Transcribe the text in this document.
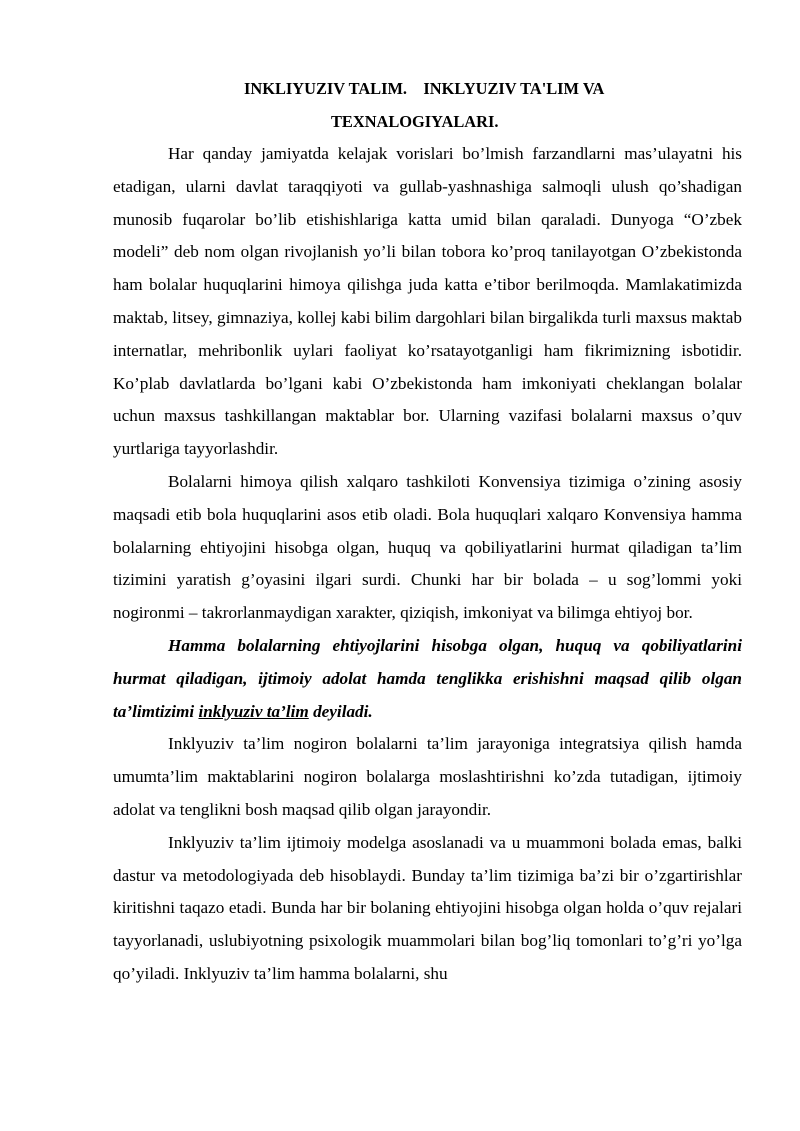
INKLIYUZIV TALIM.    INKLYUZIV TA'LIM VA
TEXNALOGIYALARI.

Har qanday jamiyatda kelajak vorislari bo’lmish farzandlarni mas’ulayatni his etadigan, ularni davlat taraqqiyoti va gullab-yashnashiga salmoqli ulush qo’shadigan munosib fuqarolar bo’lib etishishlariga katta umid bilan qaraladi. Dunyoga “O’zbek modeli” deb nom olgan rivojlanish yo’li bilan tobora ko’proq tanilayotgan O’zbekistonda ham bolalar huquqlarini himoya qilishga juda katta e’tibor berilmoqda. Mamlakatimizda maktab, litsey, gimnaziya, kollej kabi bilim dargohlari bilan birgalikda turli maxsus maktab internatlar, mehribonlik uylari faoliyat ko’rsatayotganligi ham fikrimizning isbotidir. Ko’plab davlatlarda bo’lgani kabi O’zbekistonda ham imkoniyati cheklangan bolalar uchun maxsus tashkillangan maktablar bor. Ularning vazifasi bolalarni maxsus o’quv yurtlariga tayyorlashdir.

Bolalarni himoya qilish xalqaro tashkiloti Konvensiya tizimiga o’zining asosiy maqsadi etib bola huquqlarini asos etib oladi. Bola huquqlari xalqaro Konvensiya hamma bolalarning ehtiyojini hisobga olgan, huquq va qobiliyatlarini hurmat qiladigan ta’lim tizimini yaratish g’oyasini ilgari surdi. Chunki har bir bolada – u sog’lommi yoki nogironmi – takrorlanmaydigan xarakter, qiziqish, imkoniyat va bilimga ehtiyoj bor.

Hamma bolalarning ehtiyojlarini hisobga olgan, huquq va qobiliyatlarini hurmat qiladigan, ijtimoiy adolat hamda tenglikka erishishni maqsad qilib olgan ta’limtizimi inklyuziv ta’lim deyiladi.

Inklyuziv ta’lim nogiron bolalarni ta’lim jarayoniga integratsiya qilish hamda umumta’lim maktablarini nogiron bolalarga moslashtirishni ko’zda tutadigan, ijtimoiy adolat va tenglikni bosh maqsad qilib olgan jarayondir.

Inklyuziv ta’lim ijtimoiy modelga asoslanadi va u muammoni bolada emas, balki dastur va metodologiyada deb hisoblaydi. Bunday ta’lim tizimiga ba’zi bir o’zgartirishlar kiritishni taqazo etadi. Bunda har bir bolaning ehtiyojini hisobga olgan holda o’quv rejalari tayyorlanadi, uslubiyotning psixologik muammolari bilan bog’liq tomonlari to’g’ri yo’lga qo’yiladi. Inklyuziv ta’lim hamma bolalarni, shu
